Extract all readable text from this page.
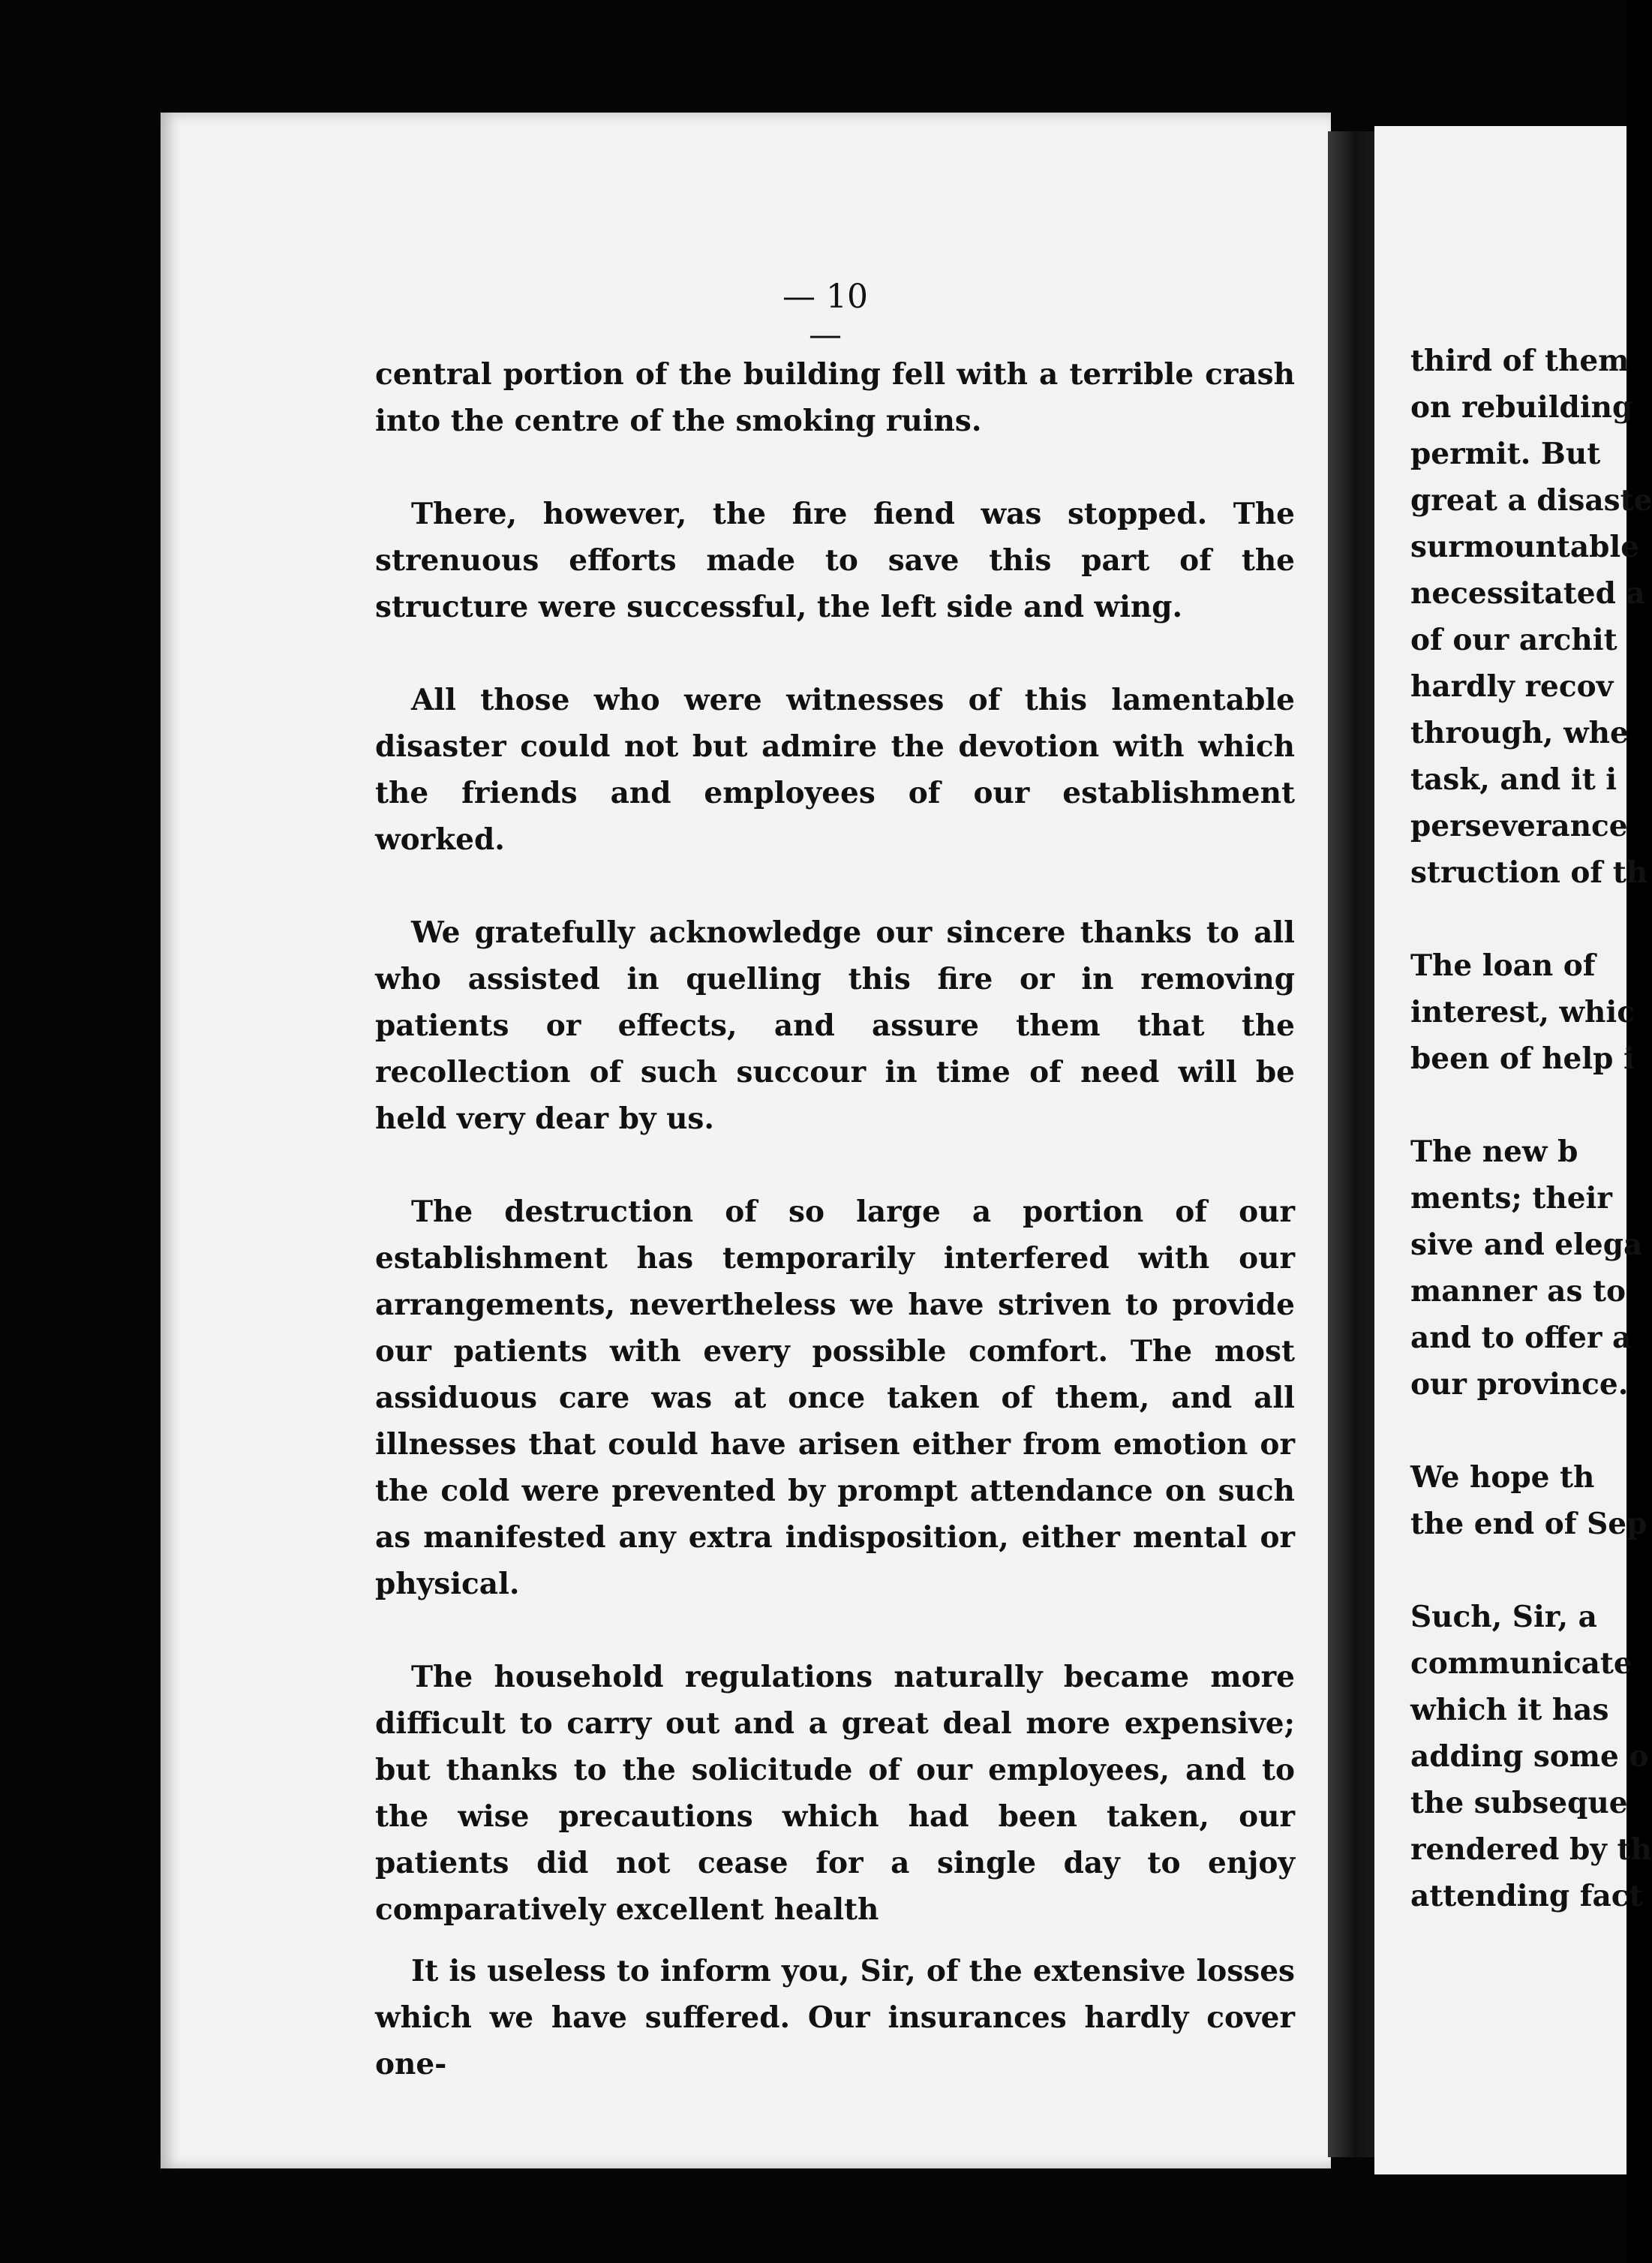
— 10 —

central portion of the building fell with a terrible crash into the centre of the smoking ruins.

There, however, the fire fiend was stopped. The strenuous efforts made to save this part of the structure were successful, the left side and wing.

All those who were witnesses of this lamentable disaster could not but admire the devotion with which the friends and employees of our establishment worked.

We gratefully acknowledge our sincere thanks to all who assisted in quelling this fire or in removing patients or effects, and assure them that the recollection of such succour in time of need will be held very dear by us.

The destruction of so large a portion of our establishment has temporarily interfered with our arrangements, nevertheless we have striven to provide our patients with every possible comfort. The most assiduous care was at once taken of them, and all illnesses that could have arisen either from emotion or the cold were prevented by prompt attendance on such as manifested any extra indisposition, either mental or physical.

The household regulations naturally became more difficult to carry out and a great deal more expensive; but thanks to the solicitude of our employees, and to the wise precautions which had been taken, our patients did not cease for a single day to enjoy comparatively excellent health

It is useless to inform you, Sir, of the extensive losses which we have suffered. Our insurances hardly cover one-

third of them
on rebuilding
permit. But
great a disaste
surmountable
necessitated a
of our archit
hardly recov
through, whe
task, and it i
perseverance
struction of th
The loan of
interest, whic
been of help i
The new b
ments; their
sive and elega
manner as to
and to offer a
our province.
We hope th
the end of Sep
Such, Sir, a
communicate
which it has
adding some o
the subseque
rendered by th
attending fact
